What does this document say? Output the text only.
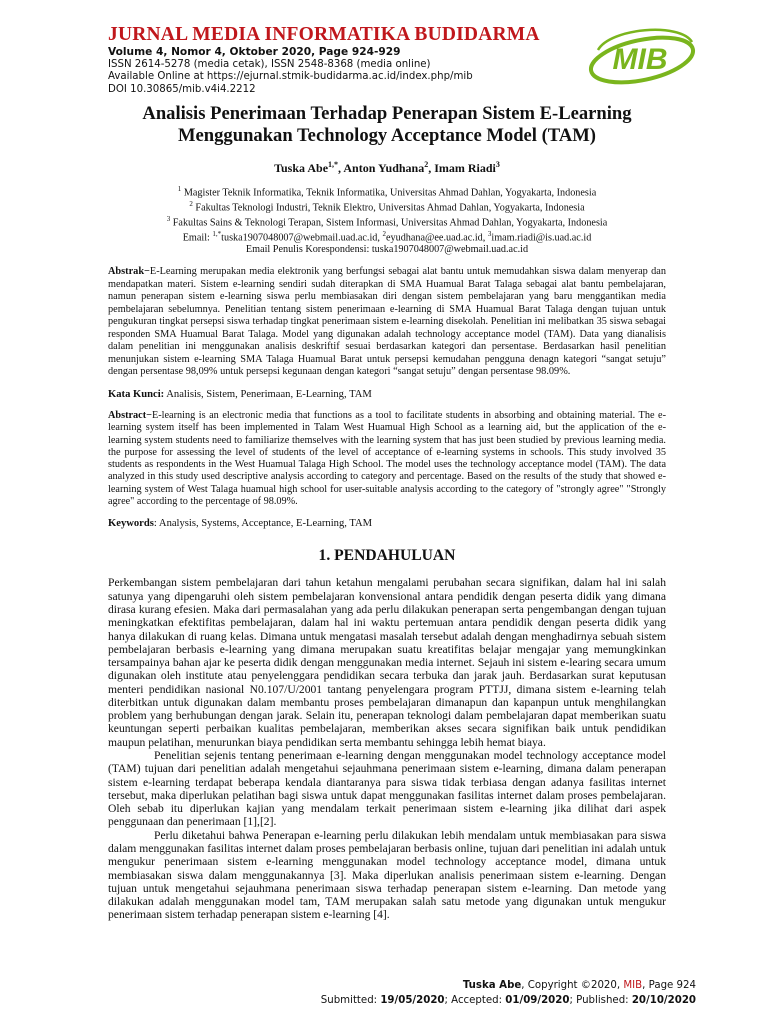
JURNAL MEDIA INFORMATIKA BUDIDARMA
Volume 4, Nomor 4, Oktober 2020, Page 924-929
ISSN 2614-5278 (media cetak), ISSN 2548-8368 (media online)
Available Online at https://ejurnal.stmik-budidarma.ac.id/index.php/mib
DOI 10.30865/mib.v4i4.2212
MIB
Analisis Penerimaan Terhadap Penerapan Sistem E-Learning
Menggunakan Technology Acceptance Model (TAM)
Tuska Abe$^{1,*}$, Anton Yudhana$^2$, Imam Riadi$^3$
$^1$ Magister Teknik Informatika, Teknik Informatika, Universitas Ahmad Dahlan, Yogyakarta, Indonesia
$^2$ Fakultas Teknologi Industri, Teknik Elektro, Universitas Ahmad Dahlan, Yogyakarta, Indonesia
$^3$ Fakultas Sains & Teknologi Terapan, Sistem Informasi, Universitas Ahmad Dahlan, Yogyakarta, Indonesia
Email: $^{1,*}$tuska1907048007@webmail.uad.ac.id, $^2$eyudhana@ee.uad.ac.id, $^3$imam.riadi@is.uad.ac.id
Email Penulis Korespondensi: tuska1907048007@webmail.uad.ac.id
Abstrak−E-Learning merupakan media elektronik yang berfungsi sebagai alat bantu untuk memudahkan siswa dalam menyerap dan mendapatkan materi. Sistem e-learning sendiri sudah diterapkan di SMA Huamual Barat Talaga sebagai alat bantu pembelajaran, namun penerapan sistem e-learning siswa perlu membiasakan diri dengan sistem pembelajaran yang baru menggantikan media pembelajaran sebelumnya. Penelitian tentang sistem penerimaan e-learning di SMA Huamual Barat Talaga dengan tujuan untuk pengukuran tingkat persepsi siswa terhadap tingkat penerimaan sistem e-learning disekolah. Penelitian ini melibatkan 35 siswa sebagai responden SMA Huamual Barat Talaga. Model yang digunakan adalah technology acceptance model (TAM). Data yang dianalisis dalam penelitian ini menggunakan analisis deskriftif sesuai berdasarkan kategori dan persentase. Berdasarkan hasil penelitian menunjukan sistem e-learning SMA Talaga Huamual Barat untuk persepsi kemudahan pengguna denagn kategori “sangat setuju” dengan persentase 98,09% untuk persepsi kegunaan dengan kategori “sangat setuju” dengan persentase 98.09%.
Kata Kunci: Analisis, Sistem, Penerimaan, E-Learning, TAM
Abstract−E-learning is an electronic media that functions as a tool to facilitate students in absorbing and obtaining material. The e-learning system itself has been implemented in Talam West Huamual High School as a learning aid, but the application of the e-learning system students need to familiarize themselves with the learning system that has just been studied by previous learning media. the purpose for assessing the level of students of the level of acceptance of e-learning systems in schools. This study involved 35 students as respondents in the West Huamual Talaga High School. The model uses the technology acceptance model (TAM). The data analyzed in this study used descriptive analysis according to category and percentage. Based on the results of the study that showed e-learning system of West Talaga huamual high school for user-suitable analysis according to the category of "strongly agree" "Strongly agree" according to the percentage of 98.09%.
Keywords: Analysis, Systems, Acceptance, E-Learning, TAM
1. PENDAHULUAN

Perkembangan sistem pembelajaran dari tahun ketahun mengalami perubahan secara signifikan, dalam hal ini salah satunya yang dipengaruhi oleh sistem pembelajaran konvensional antara pendidik dengan peserta didik yang dimana dirasa kurang efesien. Maka dari permasalahan yang ada perlu dilakukan penerapan serta pengembangan dengan tujuan meningkatkan efektifitas pembelajaran, dalam hal ini waktu pertemuan antara pendidik dengan peserta didik yang hanya dilakukan di ruang kelas. Dimana untuk mengatasi masalah tersebut adalah dengan menghadirnya sebuah sistem pembelajaran berbasis e-learning yang dimana merupakan suatu kreatifitas belajar mengajar yang memungkinkan tersampainya bahan ajar ke peserta didik dengan menggunakan media internet. Sejauh ini sistem e-learing secara umum digunakan oleh institute atau penyelenggara pendidikan secara terbuka dan jarak jauh. Berdasarkan surat keputusan menteri pendidikan nasional N0.107/U/2001 tantang penyelengara program PTTJJ, dimana sistem e-learning telah diterbitkan untuk digunakan dalam membantu proses pembelajaran dimanapun dan kapanpun untuk menghilangkan problem yang berhubungan dengan jarak. Selain itu, penerapan teknologi dalam pembelajaran dapat memberikan suatu keuntungan seperti perbaikan kualitas pembelajaran, memberikan akses secara signifikan baik untuk pendidikan maupun pelatihan, menurunkan biaya pendidikan serta membantu sehingga lebih hemat biaya.

Penelitian sejenis tentang penerimaan e-learning dengan menggunakan model technology acceptance model (TAM) tujuan dari penelitian adalah mengetahui sejauhmana penerimaan sistem e-learning, dimana dalam penerapan sistem e-learning terdapat beberapa kendala diantaranya para siswa tidak terbiasa dengan adanya fasilitas internet tersebut, maka diperlukan pelatihan bagi siswa untuk dapat menggunakan fasilitas internet dalam proses pembelajaran. Oleh sebab itu diperlukan kajian yang mendalam terkait penerimaan sistem e-learning jika dilihat dari aspek penggunaan dan penerimaan [1],[2].

Perlu diketahui bahwa Penerapan e-learning perlu dilakukan lebih mendalam untuk membiasakan para siswa dalam menggunakan fasilitas internet dalam proses pembelajaran berbasis online, tujuan dari penelitian ini adalah untuk mengukur penerimaan sistem e-learning menggunakan model technology acceptance model, dimana untuk membiasakan siswa dalam menggunakannya [3]. Maka diperlukan analisis penerimaan sistem e-learning. Dengan tujuan untuk mengetahui sejauhmana penerimaan siswa terhadap penerapan sistem e-learning. Dan metode yang dilakukan adalah menggunakan model tam, TAM merupakan salah satu metode yang digunakan untuk mengukur penerimaan sistem terhadap penerapan sistem e-learning [4].

Tuska Abe, Copyright ©2020, MIB, Page 924
Submitted: 19/05/2020; Accepted: 01/09/2020; Published: 20/10/2020
